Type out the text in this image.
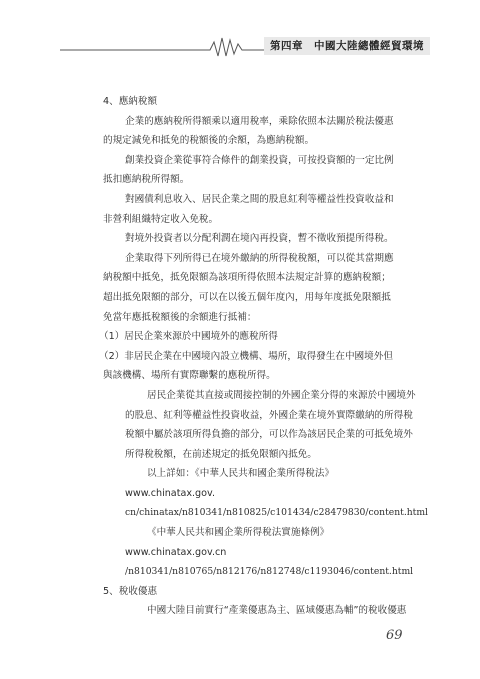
第四章　中國大陸總體經貿環境

4、應納稅額

企業的應納稅所得額乘以適用稅率，乘除依照本法關於稅法優惠

的規定減免和抵免的稅額後的余額，為應納稅額。

創業投資企業從事符合條件的創業投資，可按投資額的一定比例

抵扣應納稅所得額。

對國債利息收入、居民企業之間的股息紅利等權益性投資收益和

非營利組織特定收入免稅。

對境外投資者以分配利潤在境內再投資，暫不徵收預提所得稅。

企業取得下列所得已在境外繳納的所得稅稅額，可以從其當期應

納稅額中抵免，抵免限額為該項所得依照本法規定計算的應納稅額；

超出抵免限額的部分，可以在以後五個年度內，用每年度抵免限額抵

免當年應抵稅額後的余額進行抵補：

（1）居民企業來源於中國境外的應稅所得

（2）非居民企業在中國境內設立機構、場所，取得發生在中國境外但

與該機構、場所有實際聯繫的應稅所得。

居民企業從其直接或間接控制的外國企業分得的來源於中國境外

的股息、紅利等權益性投資收益，外國企業在境外實際繳納的所得稅

稅額中屬於該項所得負擔的部分，可以作為該居民企業的可抵免境外

所得稅稅額，在前述規定的抵免限額內抵免。

以上詳如：《中華人民共和國企業所得稅法》www.chinatax.gov.

cn/chinatax/n810341/n810825/c101434/c28479830/content.html

《中華人民共和國企業所得稅法實施條例》www.chinatax.gov.cn

/n810341/n810765/n812176/n812748/c1193046/content.html

5、稅收優惠

中國大陸目前實行“產業優惠為主、區域優惠為輔”的稅收優惠

69
